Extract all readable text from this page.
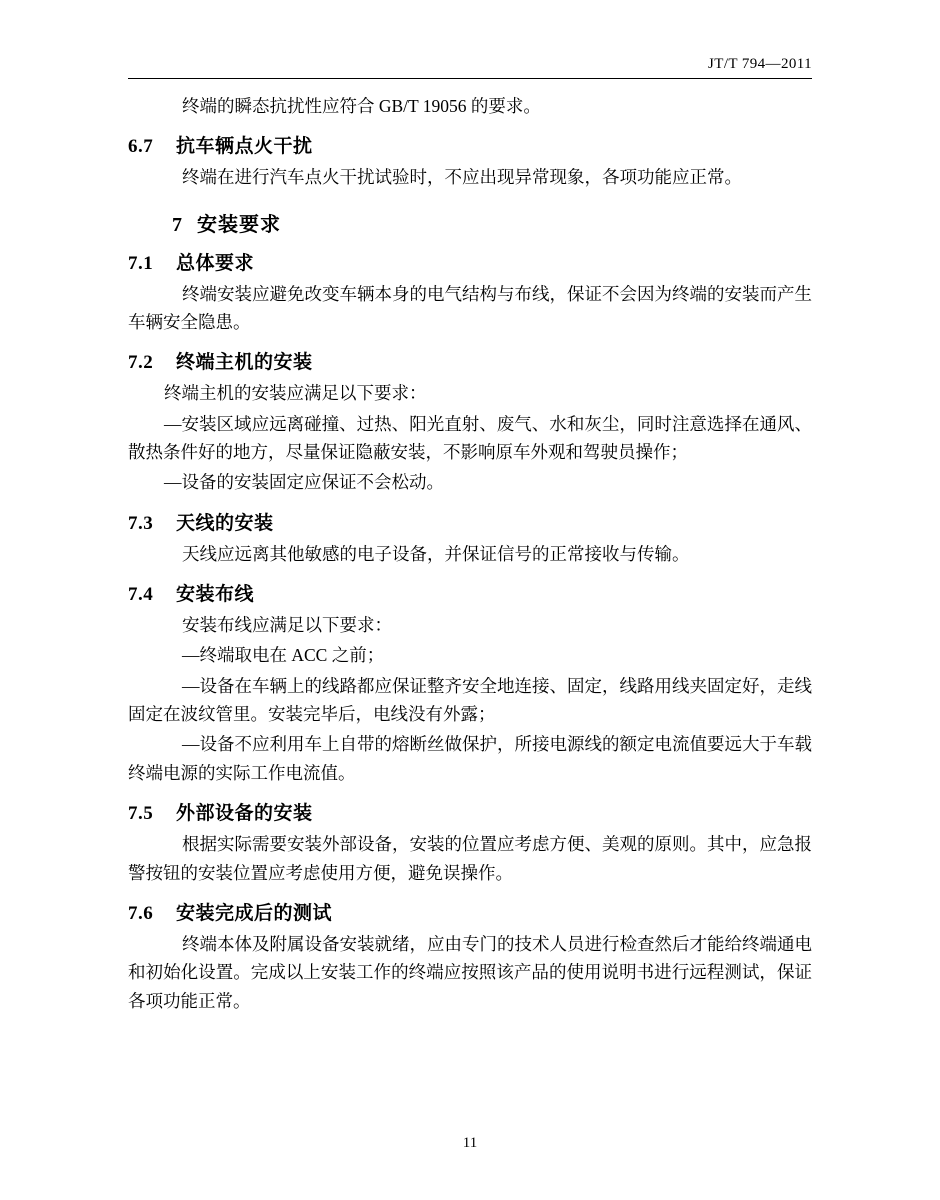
JT/T 794—2011

终端的瞬态抗扰性应符合 GB/T 19056 的要求。

6.7 抗车辆点火干扰

终端在进行汽车点火干扰试验时，不应出现异常现象，各项功能应正常。

7 安装要求
7.1 总体要求

终端安装应避免改变车辆本身的电气结构与布线，保证不会因为终端的安装而产生车辆安全隐患。

7.2 终端主机的安装

终端主机的安装应满足以下要求：

—安装区域应远离碰撞、过热、阳光直射、废气、水和灰尘，同时注意选择在通风、散热条件好的地方，尽量保证隐蔽安装，不影响原车外观和驾驶员操作；

—设备的安装固定应保证不会松动。

7.3 天线的安装

天线应远离其他敏感的电子设备，并保证信号的正常接收与传输。

7.4 安装布线

安装布线应满足以下要求：

—终端取电在 ACC 之前；

—设备在车辆上的线路都应保证整齐安全地连接、固定，线路用线夹固定好，走线固定在波纹管里。安装完毕后，电线没有外露；

—设备不应利用车上自带的熔断丝做保护，所接电源线的额定电流值要远大于车载终端电源的实际工作电流值。

7.5 外部设备的安装

根据实际需要安装外部设备，安装的位置应考虑方便、美观的原则。其中，应急报警按钮的安装位置应考虑使用方便，避免误操作。

7.6 安装完成后的测试

终端本体及附属设备安装就绪，应由专门的技术人员进行检查然后才能给终端通电和初始化设置。完成以上安装工作的终端应按照该产品的使用说明书进行远程测试，保证各项功能正常。

11
